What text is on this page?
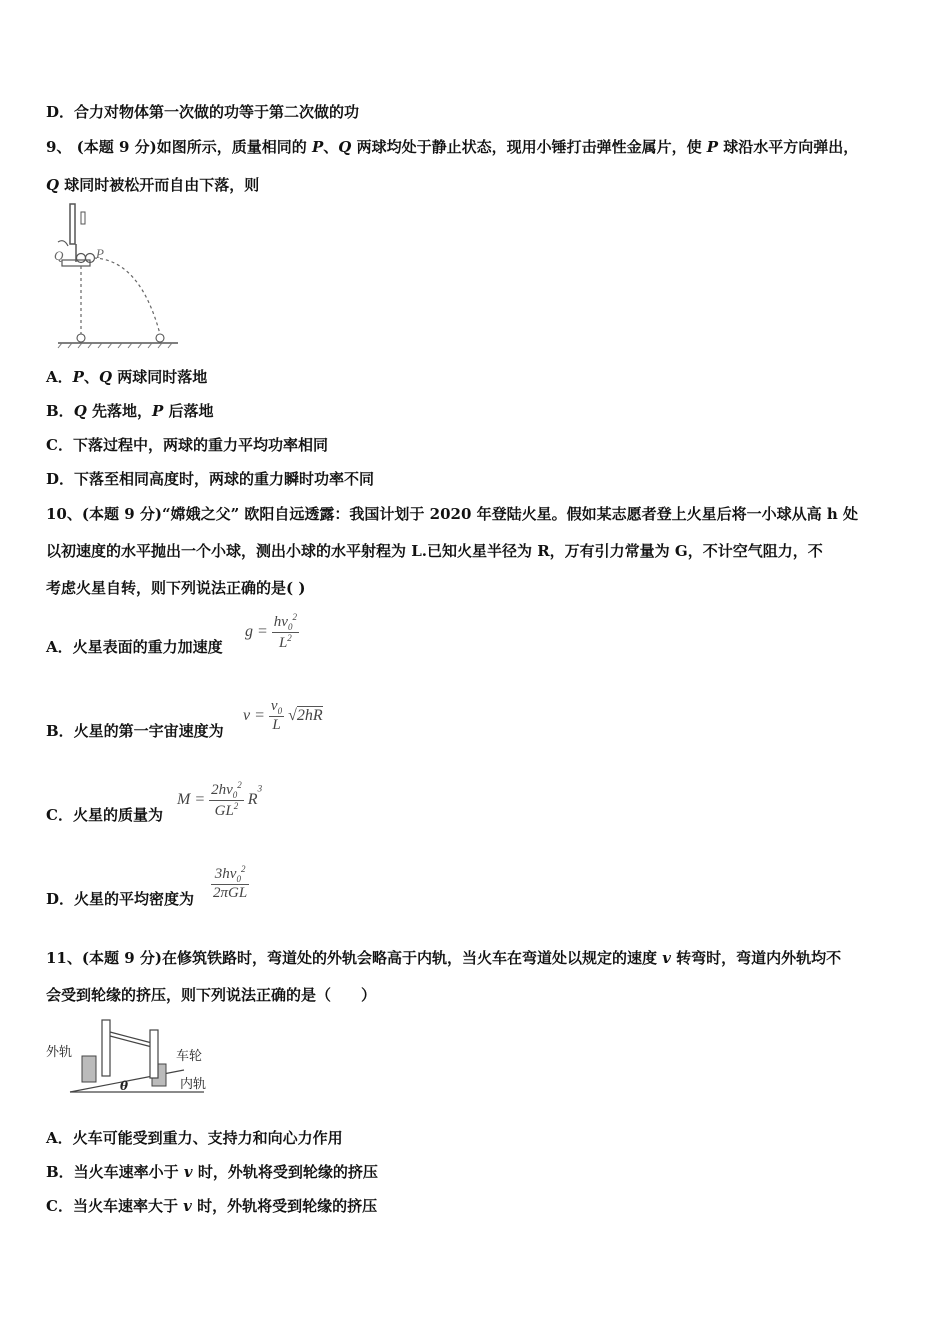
D．合力对物体第一次做的功等于第二次做的功
9、 (本题 9 分)如图所示，质量相同的 P、Q 两球均处于静止状态，现用小锤打击弹性金属片，使 P 球沿水平方向弹出，
Q 球同时被松开而自由下落，则
Q	P
A．P、Q 两球同时落地
B．Q 先落地，P 后落地
C．下落过程中，两球的重力平均功率相同
D．下落至相同高度时，两球的重力瞬时功率不同
10、(本题 9 分)“嫦娥之父” 欧阳自远透露：我国计划于 2020 年登陆火星。假如某志愿者登上火星后将一小球从高 h 处
以初速度的水平抛出一个小球，测出小球的水平射程为 L.已知火星半径为 R，万有引力常量为 G，不计空气阻力，不
考虑火星自转，则下列说法正确的是( )
A．火星表面的重力加速度
$g = \frac{hv_0^2}{L^2}$
B．火星的第一宇宙速度为
$v = \frac{v_0}{L} √2hR$
C．火星的质量为
$M = \frac{2hv_0^2}{GL^2} R^3$
D．火星的平均密度为 $\frac{3hv_0^2}{\text{2πGL}}$
11、(本题 9 分)在修筑铁路时，弯道处的外轨会略高于内轨，当火车在弯道处以规定的速度 v 转弯时，弯道内外轨均不
会受到轮缘的挤压，则下列说法正确的是（　　）
外轨	车轮
内轨
θ
A．火车可能受到重力、支持力和向心力作用
B．当火车速率小于 v 时，外轨将受到轮缘的挤压
C．当火车速率大于 v 时，外轨将受到轮缘的挤压
